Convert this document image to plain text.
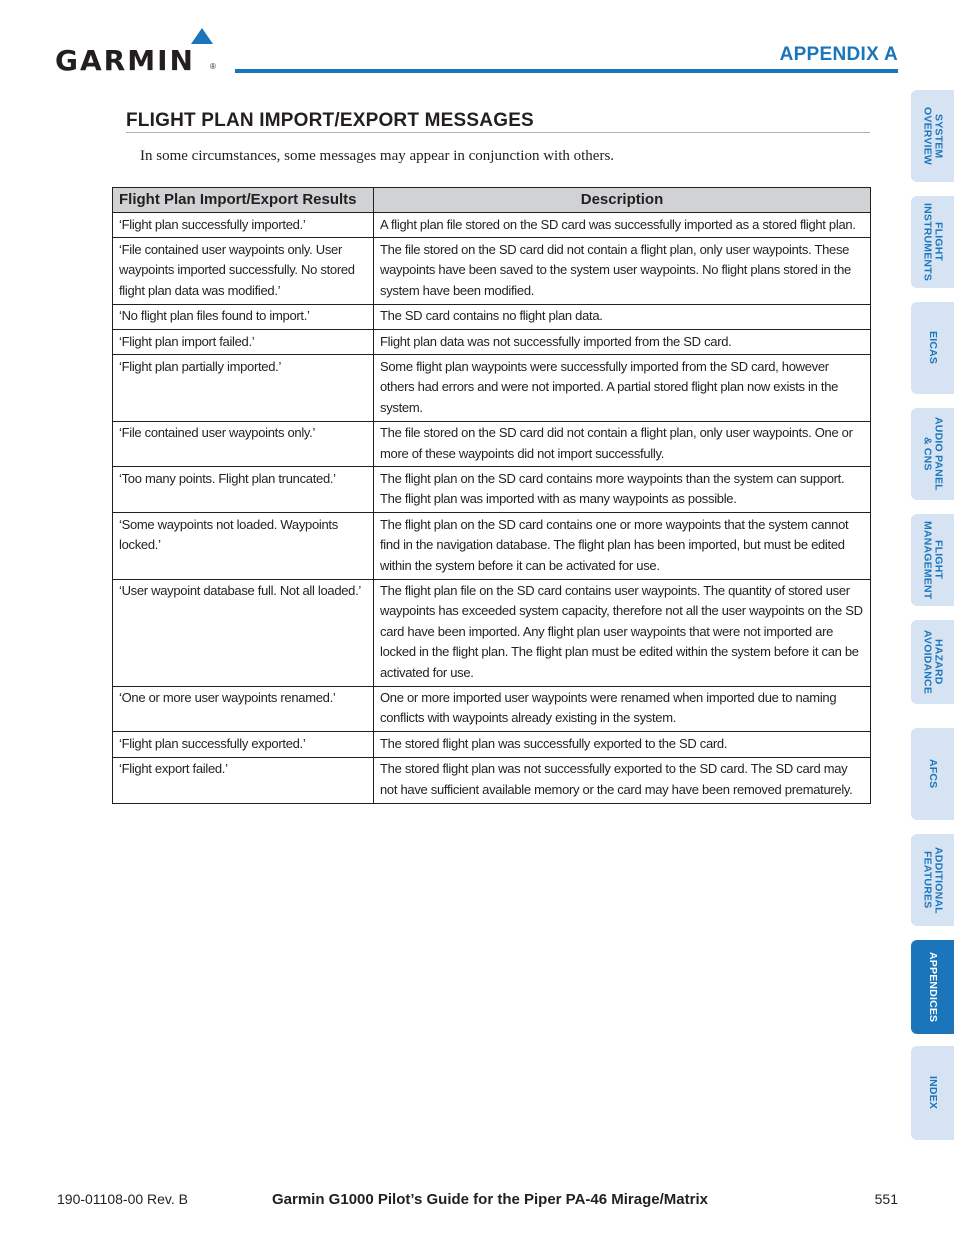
GARMIN ®
APPENDIX A
FLIGHT PLAN IMPORT/EXPORT MESSAGES
In some circumstances, some messages may appear in conjunction with others.
Flight Plan Import/Export Results	Description
‘Flight plan successfully imported.’	A flight plan file stored on the SD card was successfully imported as a stored flight plan.
‘File contained user waypoints only. User waypoints imported successfully. No stored flight plan data was modified.’	The file stored on the SD card did not contain a flight plan, only user waypoints. These waypoints have been saved to the system user waypoints. No flight plans stored in the system have been modified.
‘No flight plan files found to import.’	The SD card contains no flight plan data.
‘Flight plan import failed.’	Flight plan data was not successfully imported from the SD card.
‘Flight plan partially imported.’	Some flight plan waypoints were successfully imported from the SD card, however others had errors and were not imported. A partial stored flight plan now exists in the system.
‘File contained user waypoints only.’	The file stored on the SD card did not contain a flight plan, only user waypoints. One or more of these waypoints did not import successfully.
‘Too many points. Flight plan truncated.’	The flight plan on the SD card contains more waypoints than the system can support. The flight plan was imported with as many waypoints as possible.
‘Some waypoints not loaded. Waypoints locked.’	The flight plan on the SD card contains one or more waypoints that the system cannot find in the navigation database. The flight plan has been imported, but must be edited within the system before it can be activated for use.
‘User waypoint database full. Not all loaded.’	The flight plan file on the SD card contains user waypoints. The quantity of stored user waypoints has exceeded system capacity, therefore not all the user waypoints on the SD card have been imported. Any flight plan user waypoints that were not imported are locked in the flight plan. The flight plan must be edited within the system before it can be activated for use.
‘One or more user waypoints renamed.’	One or more imported user waypoints were renamed when imported due to naming conflicts with waypoints already existing in the system.
‘Flight plan successfully exported.’	The stored flight plan was successfully exported to the SD card.
‘Flight export failed.’	The stored flight plan was not successfully exported to the SD card. The SD card may not have sufficient available memory or the card may have been removed prematurely.
SYSTEM
OVERVIEW
FLIGHT
INSTRUMENTS
EICAS
AUDIO PANEL
& CNS
FLIGHT
MANAGEMENT
HAZARD
AVOIDANCE
AFCS
ADDITIONAL
FEATURES
APPENDICES
INDEX
190-01108-00 Rev. B	Garmin G1000 Pilot’s Guide for the Piper PA-46 Mirage/Matrix	551
